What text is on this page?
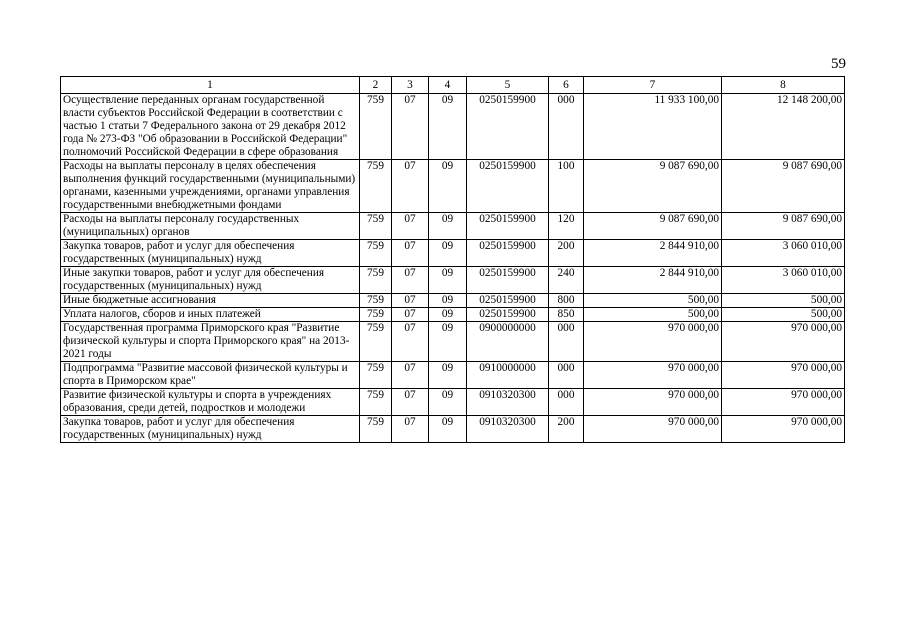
59
1	2	3	4	5	6	7	8
Осуществление переданных органам государственной власти субъектов Российской Федерации в соответствии с частью 1 статьи 7 Федерального закона от 29 декабря 2012 года № 273-ФЗ "Об образовании в Российской Федерации" полномочий Российской Федерации в сфере образования	759	07	09	0250159900	000	11 933 100,00	12 148 200,00
Расходы на выплаты персоналу в целях обеспечения выполнения функций государственными (муниципальными) органами, казенными учреждениями, органами управления государственными внебюджетными фондами	759	07	09	0250159900	100	9 087 690,00	9 087 690,00
Расходы на выплаты персоналу государственных (муниципальных) органов	759	07	09	0250159900	120	9 087 690,00	9 087 690,00
Закупка товаров, работ и услуг для обеспечения государственных (муниципальных) нужд	759	07	09	0250159900	200	2 844 910,00	3 060 010,00
Иные закупки товаров, работ и услуг для обеспечения государственных (муниципальных) нужд	759	07	09	0250159900	240	2 844 910,00	3 060 010,00
Иные бюджетные ассигнования	759	07	09	0250159900	800	500,00	500,00
Уплата налогов, сборов и иных платежей	759	07	09	0250159900	850	500,00	500,00
Государственная программа Приморского края "Развитие физической культуры и спорта Приморского края" на 2013-2021 годы	759	07	09	0900000000	000	970 000,00	970 000,00
Подпрограмма "Развитие массовой физической культуры и спорта в Приморском крае"	759	07	09	0910000000	000	970 000,00	970 000,00
Развитие физической культуры и спорта в учреждениях образования, среди детей, подростков и молодежи	759	07	09	0910320300	000	970 000,00	970 000,00
Закупка товаров, работ и услуг для обеспечения государственных (муниципальных) нужд	759	07	09	0910320300	200	970 000,00	970 000,00
